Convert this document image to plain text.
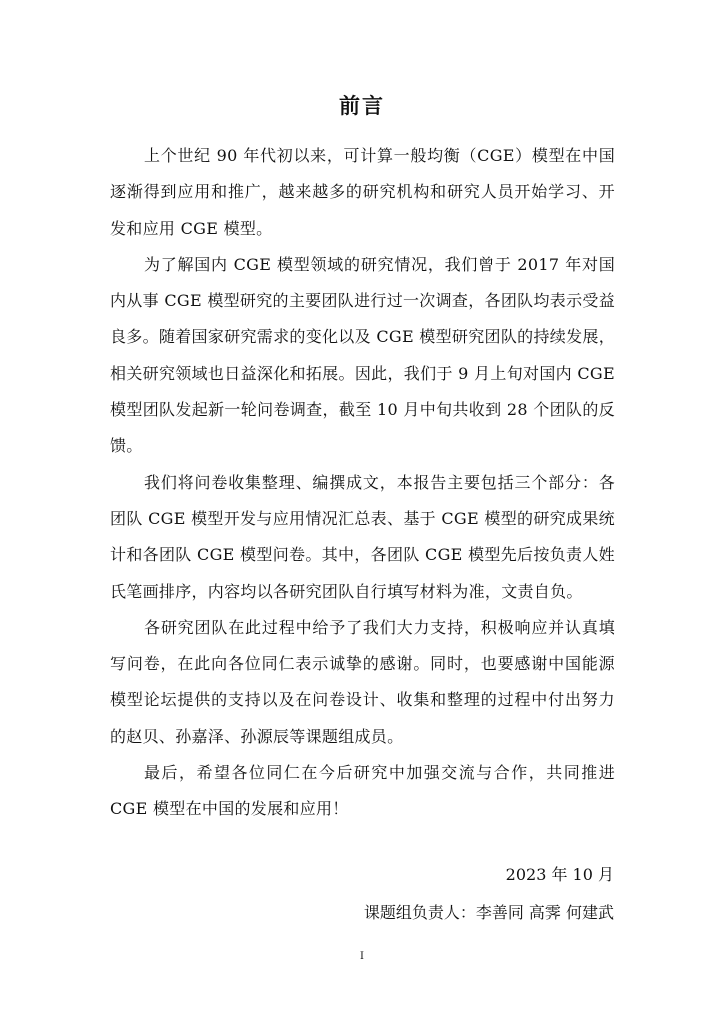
前言

上个世纪 90 年代初以来，可计算一般均衡（CGE）模型在中国逐渐得到应用和推广，越来越多的研究机构和研究人员开始学习、开发和应用 CGE 模型。

为了解国内 CGE 模型领域的研究情况，我们曾于 2017 年对国内从事 CGE 模型研究的主要团队进行过一次调查，各团队均表示受益良多。随着国家研究需求的变化以及 CGE 模型研究团队的持续发展，相关研究领域也日益深化和拓展。因此，我们于 9 月上旬对国内 CGE 模型团队发起新一轮问卷调查，截至 10 月中旬共收到 28 个团队的反馈。

我们将问卷收集整理、编撰成文，本报告主要包括三个部分：各团队 CGE 模型开发与应用情况汇总表、基于 CGE 模型的研究成果统计和各团队 CGE 模型问卷。其中，各团队 CGE 模型先后按负责人姓氏笔画排序，内容均以各研究团队自行填写材料为准，文责自负。

各研究团队在此过程中给予了我们大力支持，积极响应并认真填写问卷，在此向各位同仁表示诚挚的感谢。同时，也要感谢中国能源模型论坛提供的支持以及在问卷设计、收集和整理的过程中付出努力的赵贝、孙嘉泽、孙源辰等课题组成员。

最后，希望各位同仁在今后研究中加强交流与合作，共同推进 CGE 模型在中国的发展和应用！

2023 年 10 月
课题组负责人：李善同 高霁 何建武
I
